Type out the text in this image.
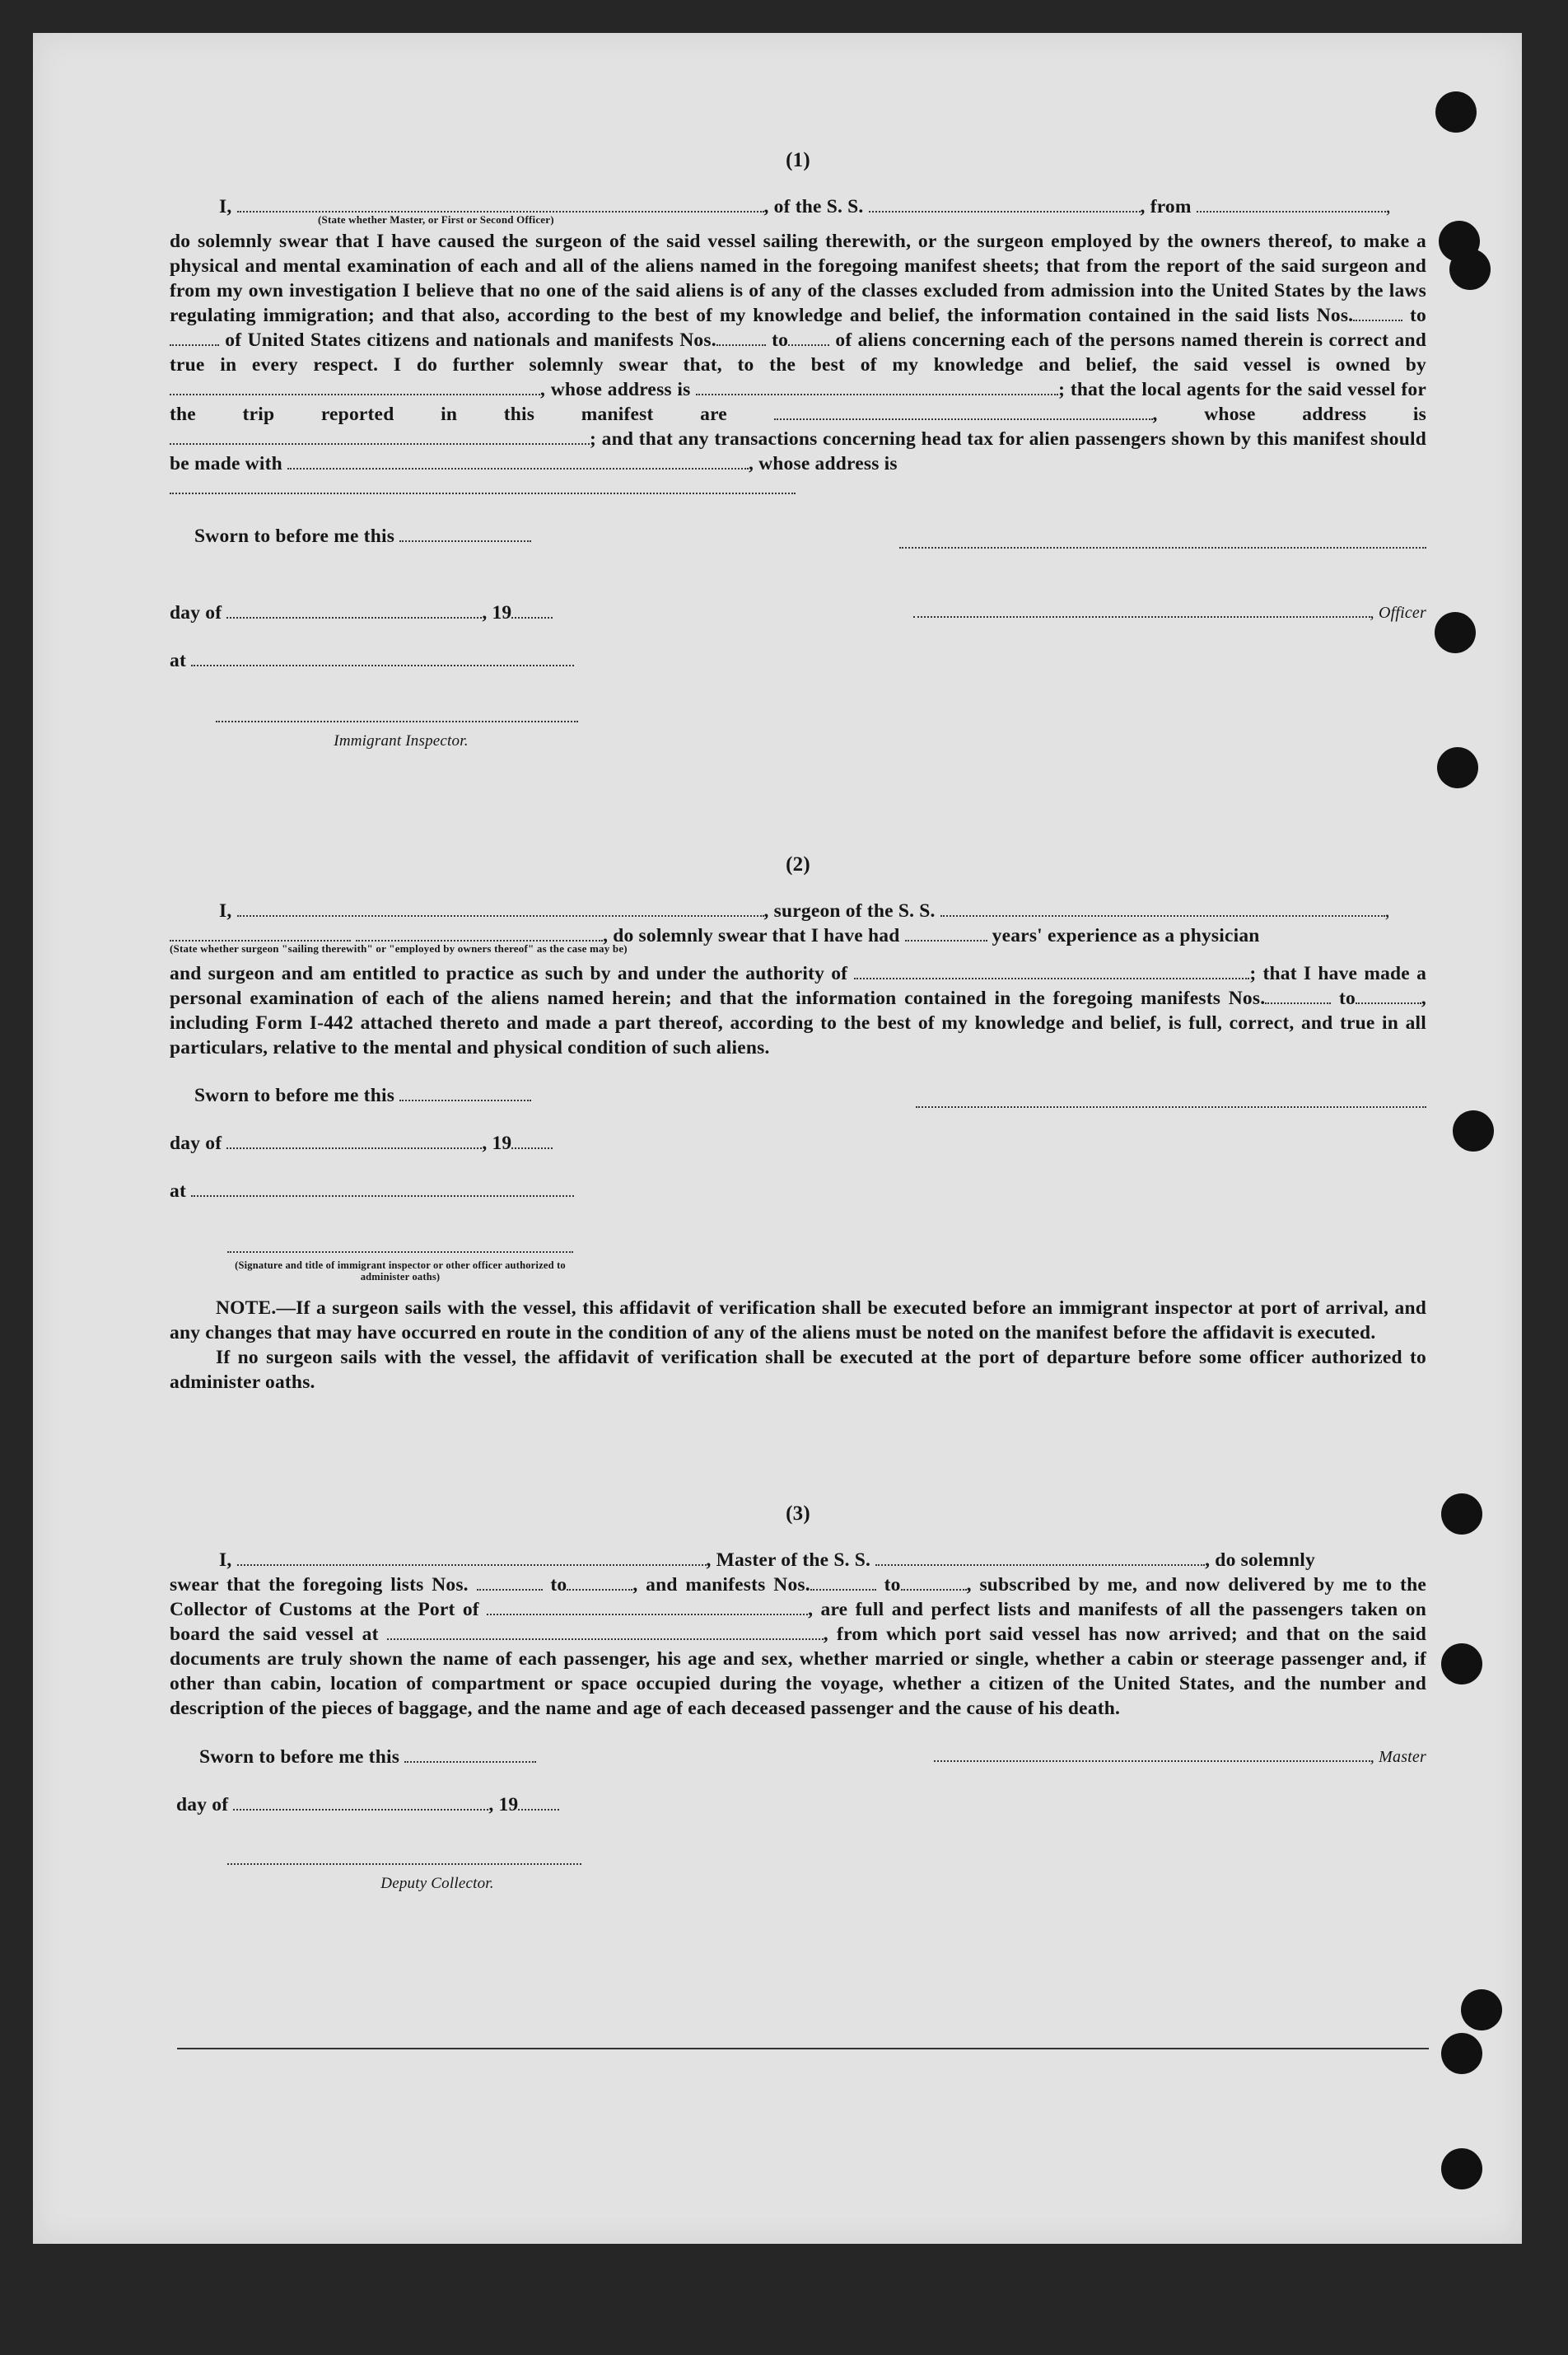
(1)
I,	, of the S. S.	, from	,
(State whether Master, or First or Second Officer)

do solemnly swear that I have caused the surgeon of the said vessel sailing therewith, or the surgeon employed by the owners thereof, to make a physical and mental examination of each and all of the aliens named in the foregoing manifest sheets; that from the report of the said surgeon and from my own investigation I believe that no one of the said aliens is of any of the classes excluded from admission into the United States by the laws regulating immigration; and that also, according to the best of my knowledge and belief, the information contained in the said lists Nos.	to of United States citizens and nationals and manifests Nos.	to of aliens concerning each of the persons named therein is correct and true in every respect. I do further solemnly swear that, to the best of my knowledge and belief, the said vessel is owned by , whose address is	; that the local agents for the said vessel for the trip reported in this manifest are	, whose address is ; and that any transactions concerning head tax for alien passengers shown by this manifest should be made with	, whose address is

Sworn to before me this
day of	, 19	, Officer
at
Immigrant Inspector.
(2)
I,	, surgeon of the S. S.	,
, do solemnly swear that I have had	years' experience as a physician
(State whether surgeon "sailing therewith" or "employed by owners thereof" as the case may be)

and surgeon and am entitled to practice as such by and under the authority of	; that I have made a personal examination of each of the aliens named herein; and that the information contained in the foregoing manifests Nos.	to	, including Form I-442 attached thereto and made a part thereof, according to the best of my knowledge and belief, is full, correct, and true in all particulars, relative to the mental and physical condition of such aliens.

Sworn to before me this
day of	, 19
at
(Signature and title of immigrant inspector or other officer authorized to administer oaths)

NOTE.—If a surgeon sails with the vessel, this affidavit of verification shall be executed before an immigrant inspector at port of arrival, and any changes that may have occurred en route in the condition of any of the aliens must be noted on the manifest before the affidavit is executed.

If no surgeon sails with the vessel, the affidavit of verification shall be executed at the port of departure before some officer authorized to administer oaths.

(3)
I,	, Master of the S. S.	, do solemnly

swear that the foregoing lists Nos.	to	, and manifests Nos.	to	, subscribed by me, and now delivered by me to the Collector of Customs at the Port of	, are full and perfect lists and manifests of all the passengers taken on board the said vessel at	, from which port said vessel has now arrived; and that on the said documents are truly shown the name of each passenger, his age and sex, whether married or single, whether a cabin or steerage passenger and, if other than cabin, location of compartment or space occupied during the voyage, whether a citizen of the United States, and the number and description of the pieces of baggage, and the name and age of each deceased passenger and the cause of his death.

Sworn to before me this	, Master
day of	, 19
Deputy Collector.
